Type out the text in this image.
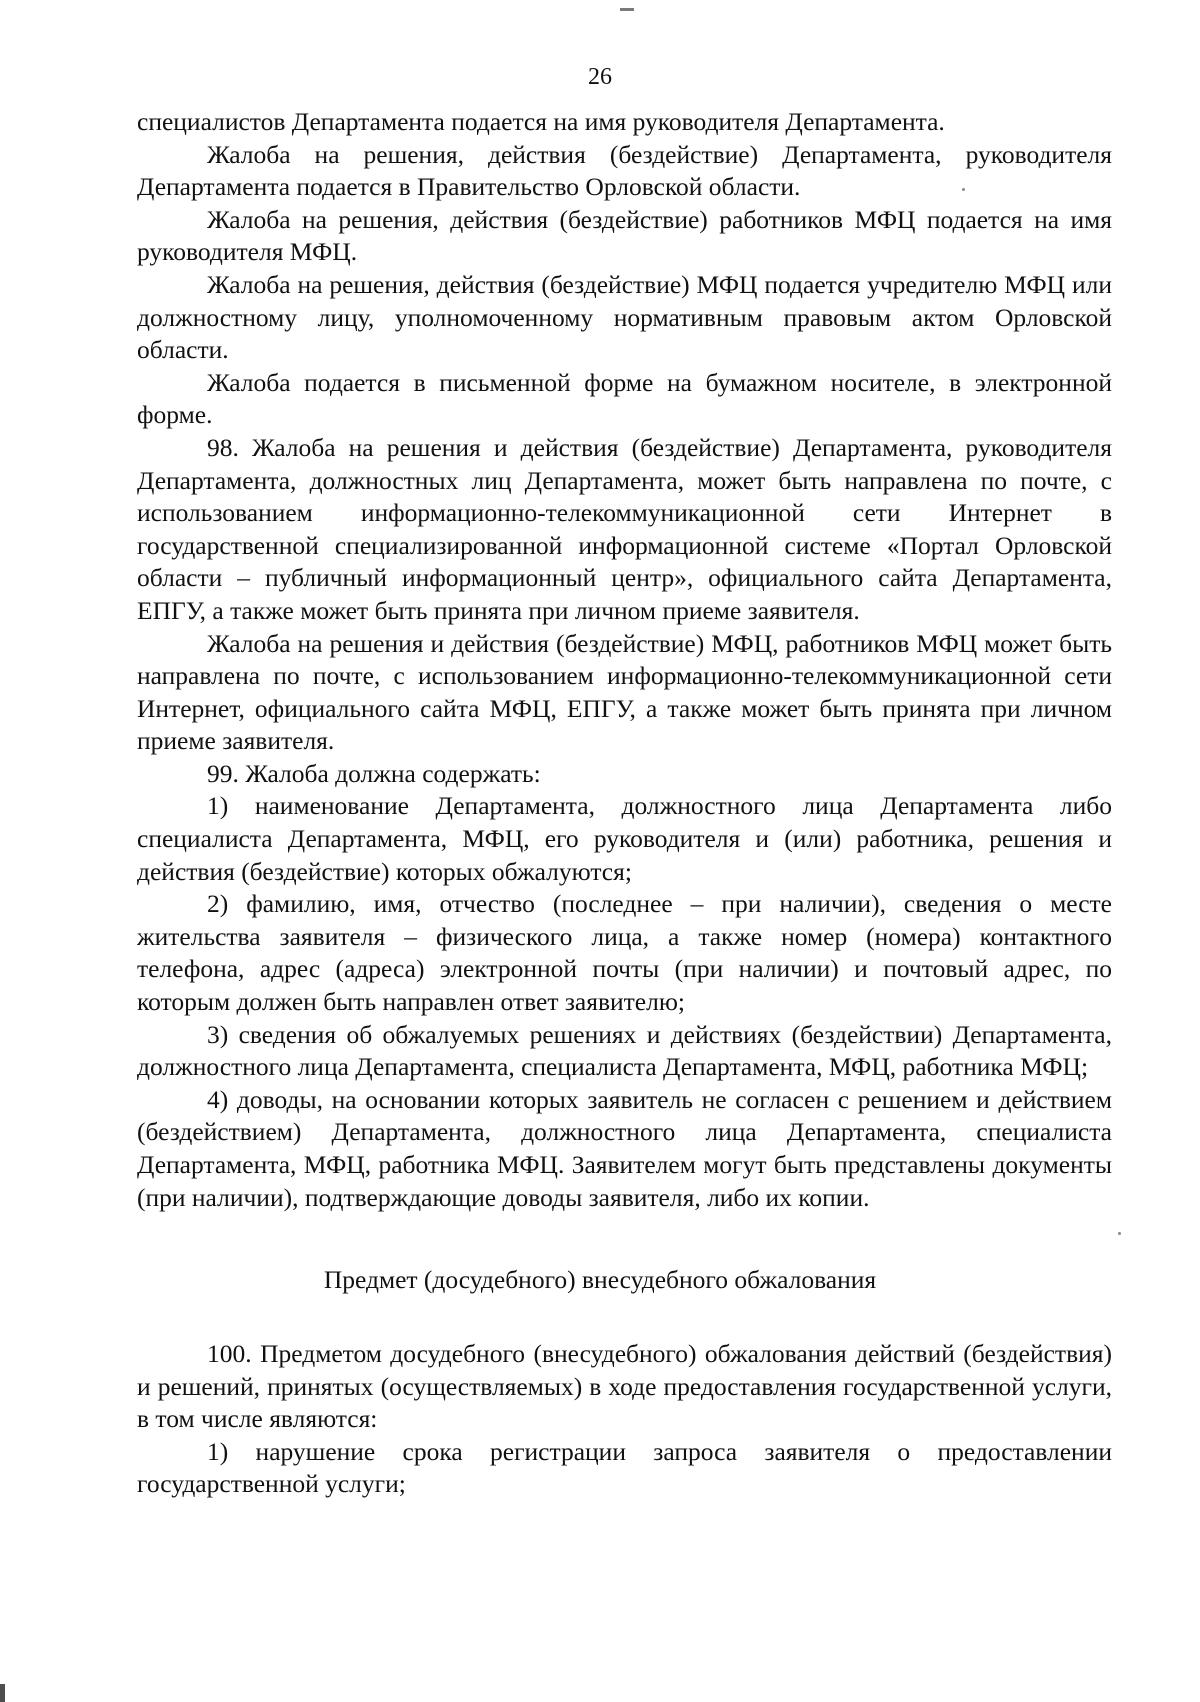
26

специалистов Департамента подается на имя руководителя Департамента.

Жалоба на решения, действия (бездействие) Департамента, руководителя Департамента подается в Правительство Орловской области.

Жалоба на решения, действия (бездействие) работников МФЦ подается на имя руководителя МФЦ.

Жалоба на решения, действия (бездействие) МФЦ подается учредителю МФЦ или должностному лицу, уполномоченному нормативным правовым актом Орловской области.

Жалоба подается в письменной форме на бумажном носителе, в электронной форме.

98. Жалоба на решения и действия (бездействие) Департамента, руководителя Департамента, должностных лиц Департамента, может быть направлена по почте, с использованием информационно-телекоммуникационной сети Интернет в государственной специализированной информационной системе «Портал Орловской области – публичный информационный центр», официального сайта Департамента, ЕПГУ, а также может быть принята при личном приеме заявителя.

Жалоба на решения и действия (бездействие) МФЦ, работников МФЦ может быть направлена по почте, с использованием информационно-телекоммуникационной сети Интернет, официального сайта МФЦ, ЕПГУ, а также может быть принята при личном приеме заявителя.

99. Жалоба должна содержать:

1) наименование Департамента, должностного лица Департамента либо специалиста Департамента, МФЦ, его руководителя и (или) работника, решения и действия (бездействие) которых обжалуются;

2) фамилию, имя, отчество (последнее – при наличии), сведения о месте жительства заявителя – физического лица, а также номер (номера) контактного телефона, адрес (адреса) электронной почты (при наличии) и почтовый адрес, по которым должен быть направлен ответ заявителю;

3) сведения об обжалуемых решениях и действиях (бездействии) Департамента, должностного лица Департамента, специалиста Департамента, МФЦ, работника МФЦ;

4) доводы, на основании которых заявитель не согласен с решением и действием (бездействием) Департамента, должностного лица Департамента, специалиста Департамента, МФЦ, работника МФЦ. Заявителем могут быть представлены документы (при наличии), подтверждающие доводы заявителя, либо их копии.

Предмет (досудебного) внесудебного обжалования

100. Предметом досудебного (внесудебного) обжалования действий (бездействия) и решений, принятых (осуществляемых) в ходе предоставления государственной услуги, в том числе являются:

1) нарушение срока регистрации запроса заявителя о предоставлении государственной услуги;
